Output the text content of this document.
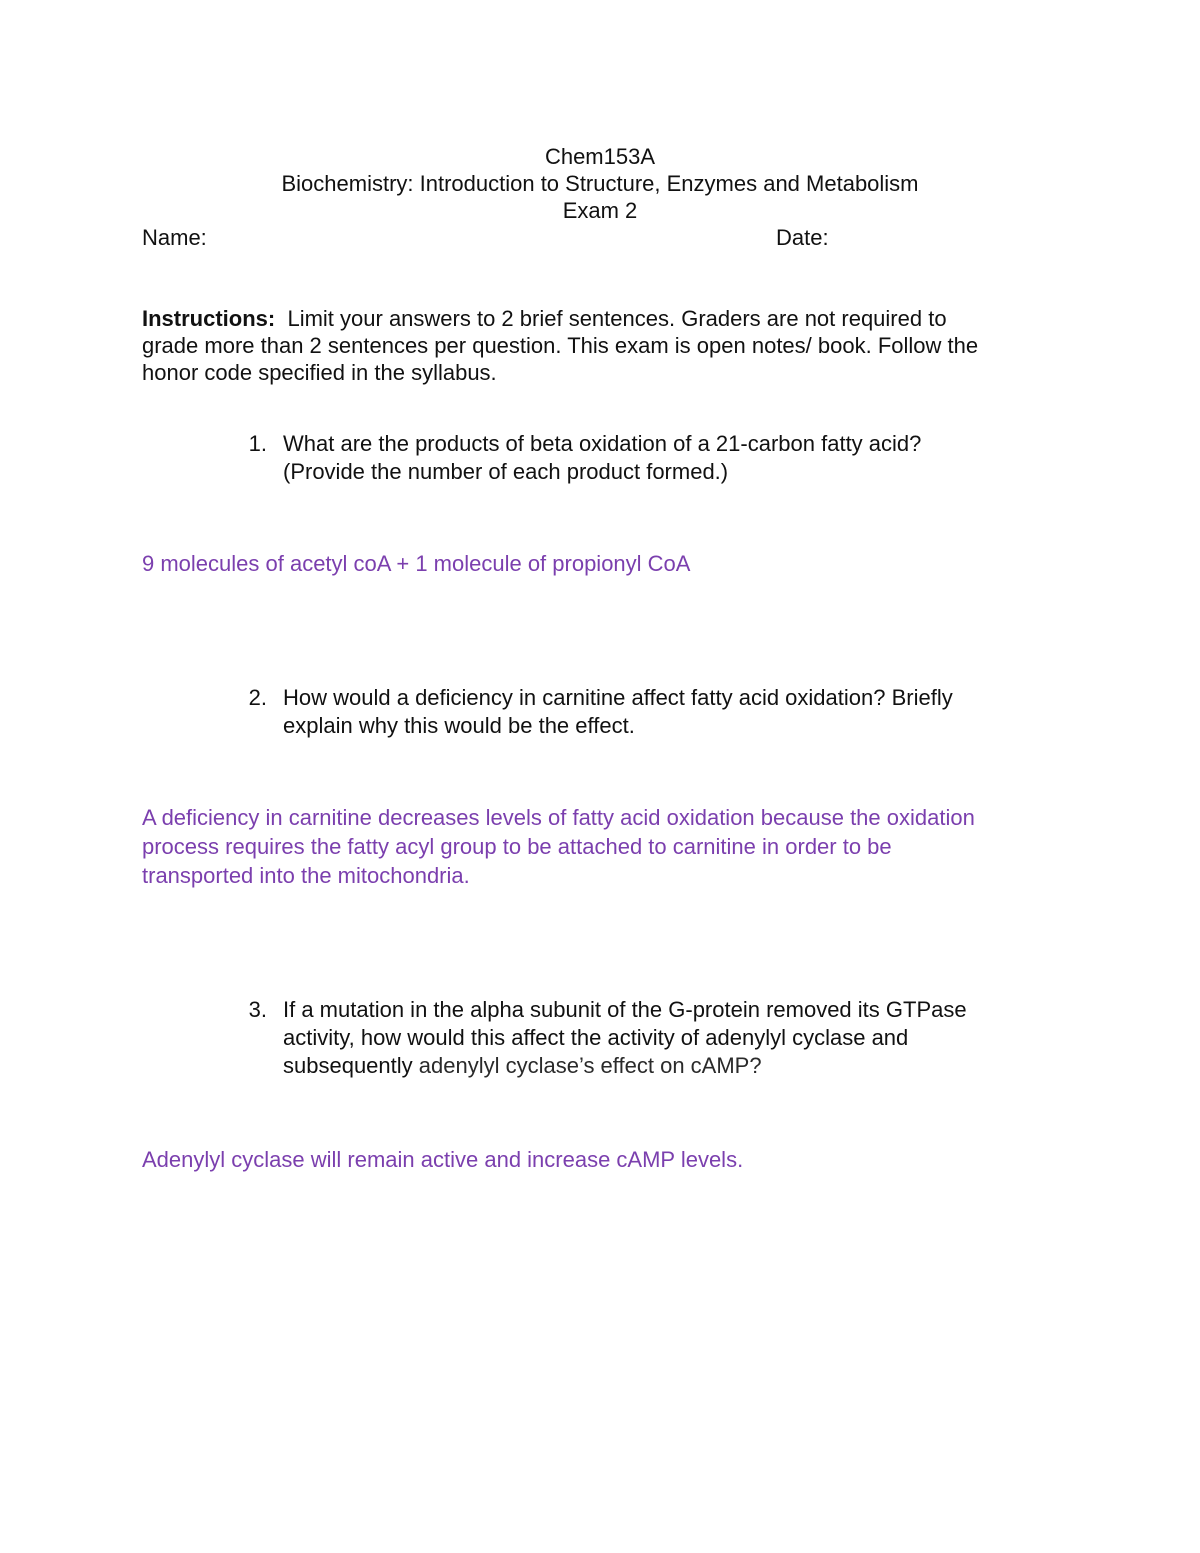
Chem153A
Biochemistry: Introduction to Structure, Enzymes and Metabolism
Exam 2
Name:	Date:
Instructions: Limit your answers to 2 brief sentences. Graders are not required to
grade more than 2 sentences per question. This exam is open notes/ book. Follow the
honor code specified in the syllabus.
1. What are the products of beta oxidation of a 21-carbon fatty acid?
(Provide the number of each product formed.)
9 molecules of acetyl coA + 1 molecule of propionyl CoA
2. How would a deficiency in carnitine affect fatty acid oxidation? Briefly
explain why this would be the effect.
A deficiency in carnitine decreases levels of fatty acid oxidation because the oxidation
process requires the fatty acyl group to be attached to carnitine in order to be
transported into the mitochondria.
3. If a mutation in the alpha subunit of the G-protein removed its GTPase
activity, how would this affect the activity of adenylyl cyclase and
subsequently adenylyl cyclase’s effect on cAMP?
Adenylyl cyclase will remain active and increase cAMP levels.
